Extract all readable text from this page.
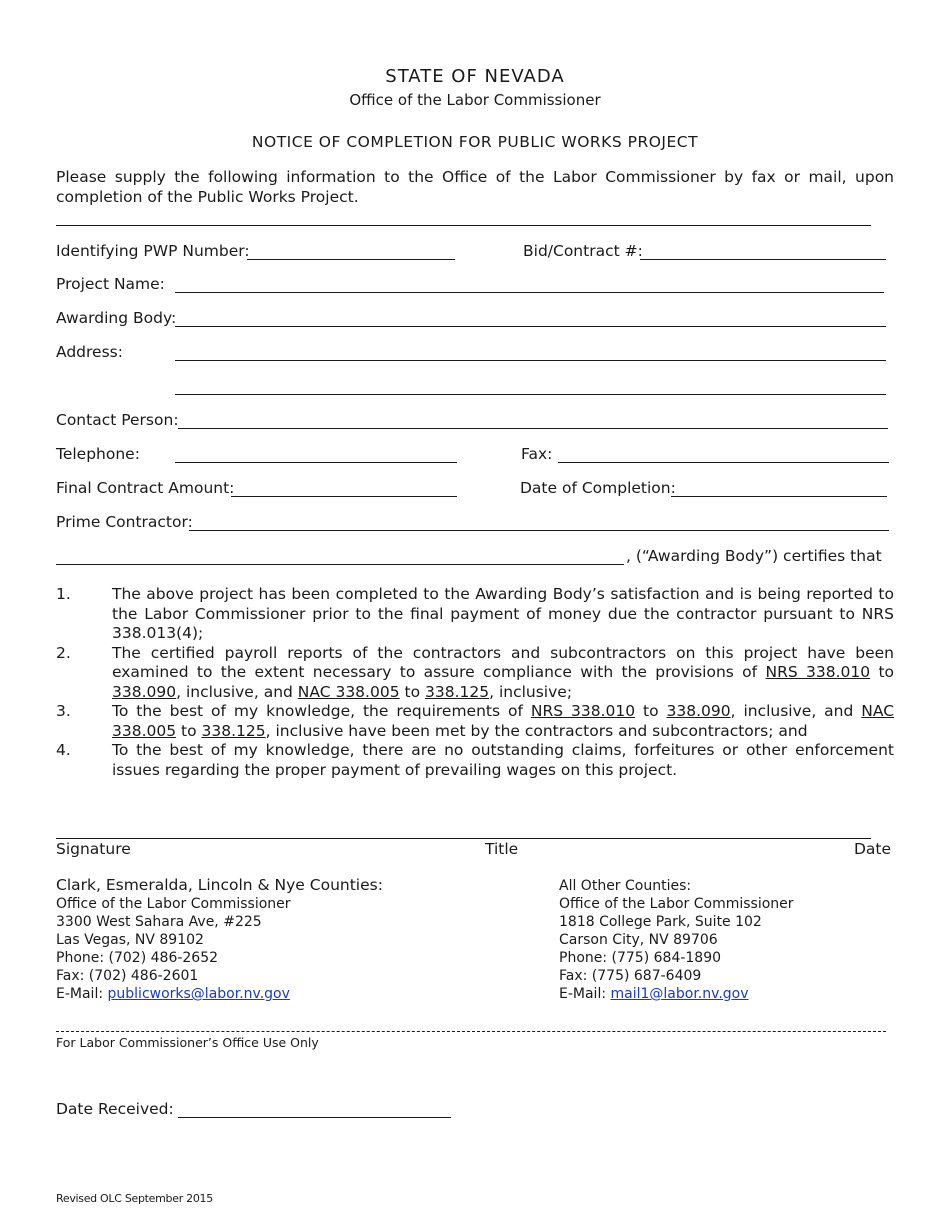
STATE OF NEVADA
Office of the Labor Commissioner
NOTICE OF COMPLETION FOR PUBLIC WORKS PROJECT
Please supply the following information to the Office of the Labor Commissioner by fax or mail, upon completion of the Public Works Project.
Identifying PWP Number:	Bid/Contract #:
Project Name:
Awarding Body:
Address:
Contact Person:
Telephone:	Fax:
Final Contract Amount:	Date of Completion:
Prime Contractor:
, (“Awarding Body”) certifies that
1.	The above project has been completed to the Awarding Body’s satisfaction and is being reported to the Labor Commissioner prior to the final payment of money due the contractor pursuant to NRS 338.013(4);
2.	The certified payroll reports of the contractors and subcontractors on this project have been examined to the extent necessary to assure compliance with the provisions of NRS 338.010 to 338.090, inclusive, and NAC 338.005 to 338.125, inclusive;
3.	To the best of my knowledge, the requirements of NRS 338.010 to 338.090, inclusive, and NAC 338.005 to 338.125, inclusive have been met by the contractors and subcontractors; and
4.	To the best of my knowledge, there are no outstanding claims, forfeitures or other enforcement issues regarding the proper payment of prevailing wages on this project.
Signature	Title	Date
Clark, Esmeralda, Lincoln & Nye Counties:
Office of the Labor Commissioner
3300 West Sahara Ave, #225
Las Vegas, NV 89102
Phone: (702) 486-2652
Fax: (702) 486-2601
E-Mail: publicworks@labor.nv.gov
All Other Counties:
Office of the Labor Commissioner
1818 College Park, Suite 102
Carson City, NV 89706
Phone: (775) 684-1890
Fax: (775) 687-6409
E-Mail: mail1@labor.nv.gov
For Labor Commissioner’s Office Use Only
Date Received:
Revised OLC September 2015
